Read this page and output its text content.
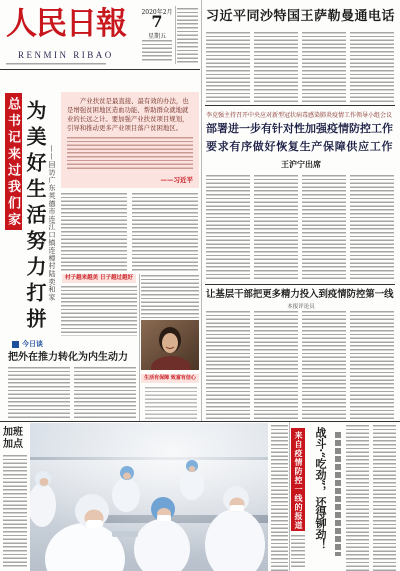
人民日報
RENMIN RIBAO
2020年2月
7
星期五
习近平同沙特国王萨勒曼通电话
李克强主持召开中央应对新型冠状病毒感染肺炎疫情工作领导小组会议
部署进一步有针对性加强疫情防控工作
要求有序做好恢复生产保障供应工作
王沪宁出席
让基层干部把更多精力投入到疫情防控第一线
本报评论员
总书记来过我们家 为美好生活努力打拼 ——回访广东英德市连江口镇连樟村陆奕和家
产业扶贫是最直接、最有效的办法，也是增强贫困地区造血功能、帮助群众就地就业的长远之计。要加强产业扶贫项目规划，引导和推动更多产业项目落户贫困地区。
——习近平
村子越来越美 日子越过越好
生活有保障 致富有信心
今日谈
把外在推力转化为内生动力
加班加点	来自疫情防控一线的报道 战斗·“吃劲”，还得铆劲！
